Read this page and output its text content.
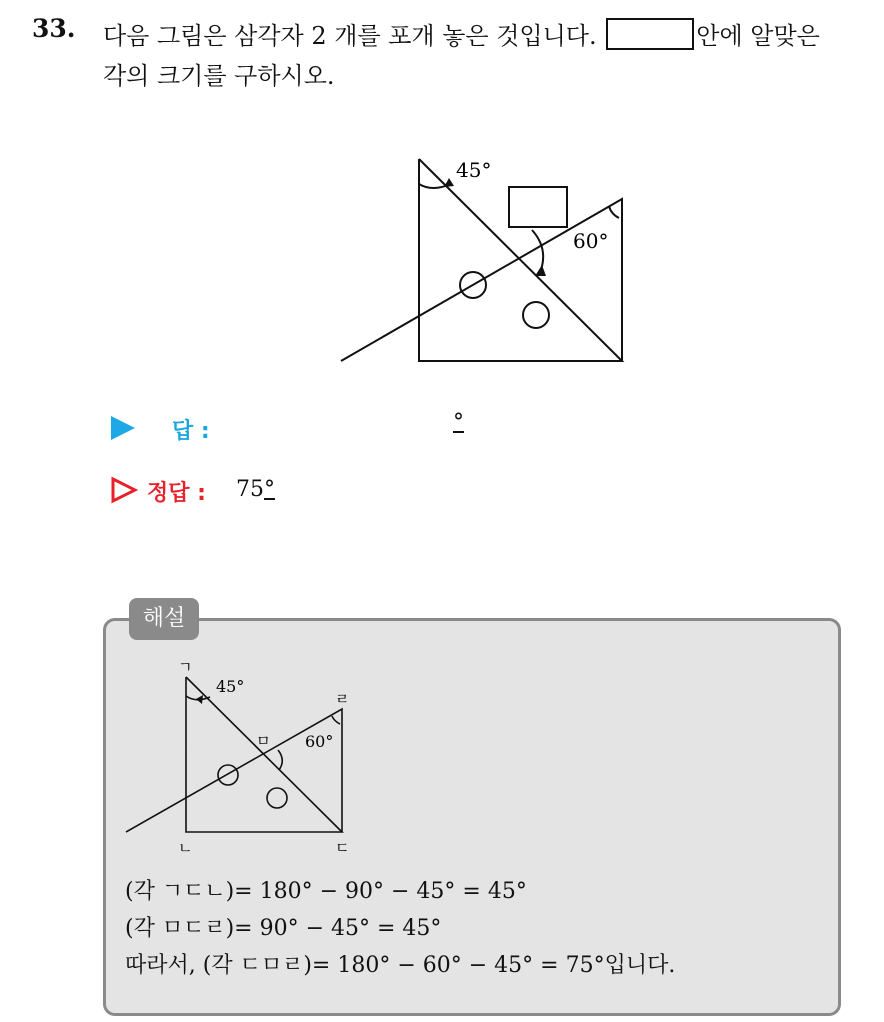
33. 다음 그림은 삼각자 2 개를 포개 놓은 것입니다.	안에 알맞은
각의 크기를 구하시오.
45°
60°
답 :	°
정답 : 75°
해설
ㄱ
ㄴ	ㄷ
ㄹ
ㅁ
45°
60°
(각 ㄱㄷㄴ)= 180° − 90° − 45° = 45°
(각 ㅁㄷㄹ)= 90° − 45° = 45°
따라서, (각 ㄷㅁㄹ)= 180° − 60° − 45° = 75°입니다.
